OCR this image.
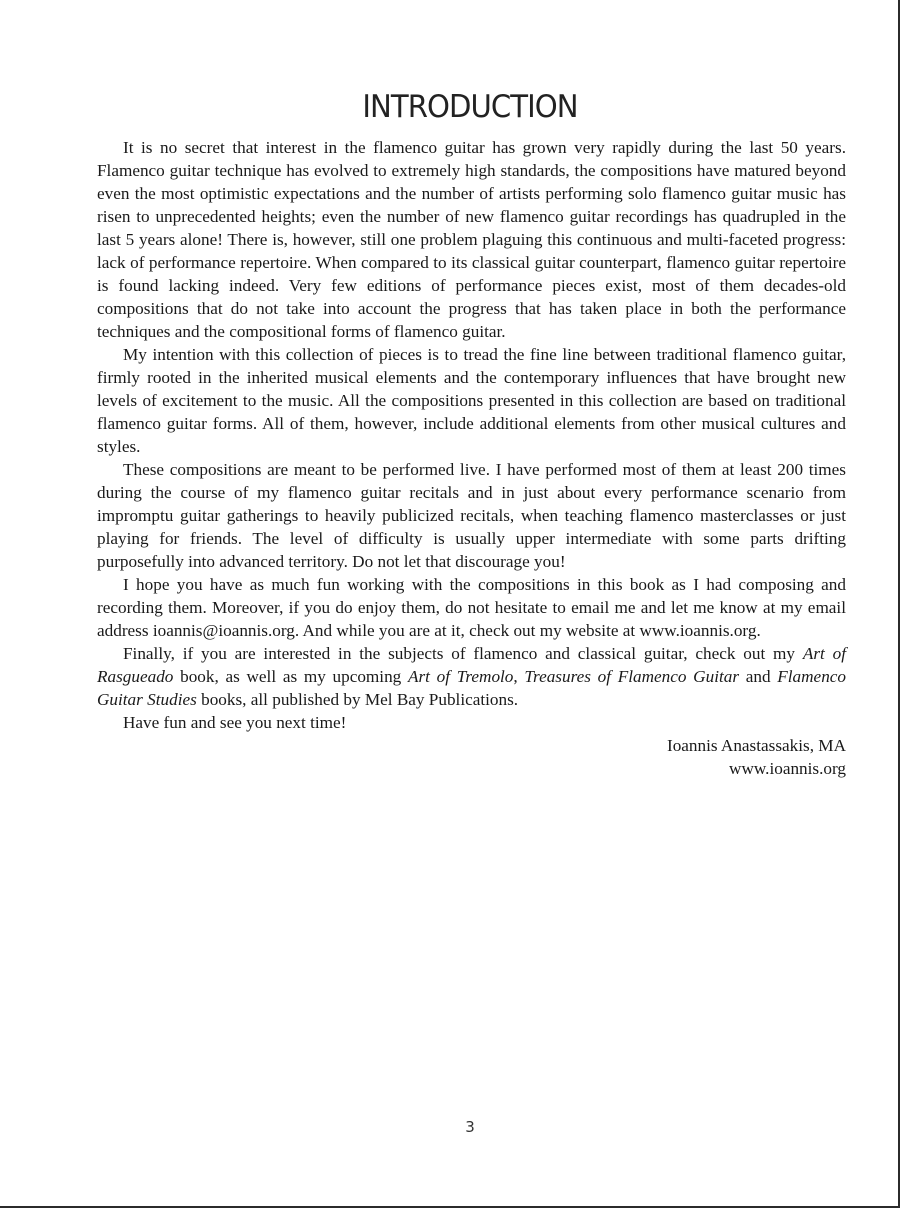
INTRODUCTION

It is no secret that interest in the flamenco guitar has grown very rapidly during the last 50 years. Flamenco guitar technique has evolved to extremely high standards, the compositions have matured beyond even the most optimistic expectations and the number of artists performing solo flamenco guitar music has risen to unprecedented heights; even the number of new flamenco guitar recordings has quadrupled in the last 5 years alone! There is, however, still one problem plaguing this continuous and multi-faceted progress: lack of performance repertoire. When compared to its classical guitar counterpart, flamenco guitar repertoire is found lacking indeed. Very few editions of performance pieces exist, most of them decades-old compositions that do not take into account the progress that has taken place in both the performance techniques and the compositional forms of flamenco guitar.

My intention with this collection of pieces is to tread the fine line between traditional flamenco guitar, firmly rooted in the inherited musical elements and the contemporary influences that have brought new levels of excitement to the music. All the compositions presented in this collection are based on traditional flamenco guitar forms. All of them, however, include additional elements from other musical cultures and styles.

These compositions are meant to be performed live. I have performed most of them at least 200 times during the course of my flamenco guitar recitals and in just about every performance scenario from impromptu guitar gatherings to heavily publicized recitals, when teaching flamenco masterclasses or just playing for friends. The level of difficulty is usually upper intermediate with some parts drifting purposefully into advanced territory. Do not let that discourage you!

I hope you have as much fun working with the compositions in this book as I had composing and recording them. Moreover, if you do enjoy them, do not hesitate to email me and let me know at my email address ioannis@ioannis.org. And while you are at it, check out my website at www.ioannis.org.

Finally, if you are interested in the subjects of flamenco and classical guitar, check out my Art of Rasgueado book, as well as my upcoming Art of Tremolo, Treasures of Flamenco Guitar and Flamenco Guitar Studies books, all published by Mel Bay Publications.

Have fun and see you next time!

Ioannis Anastassakis, MA

www.ioannis.org

3
